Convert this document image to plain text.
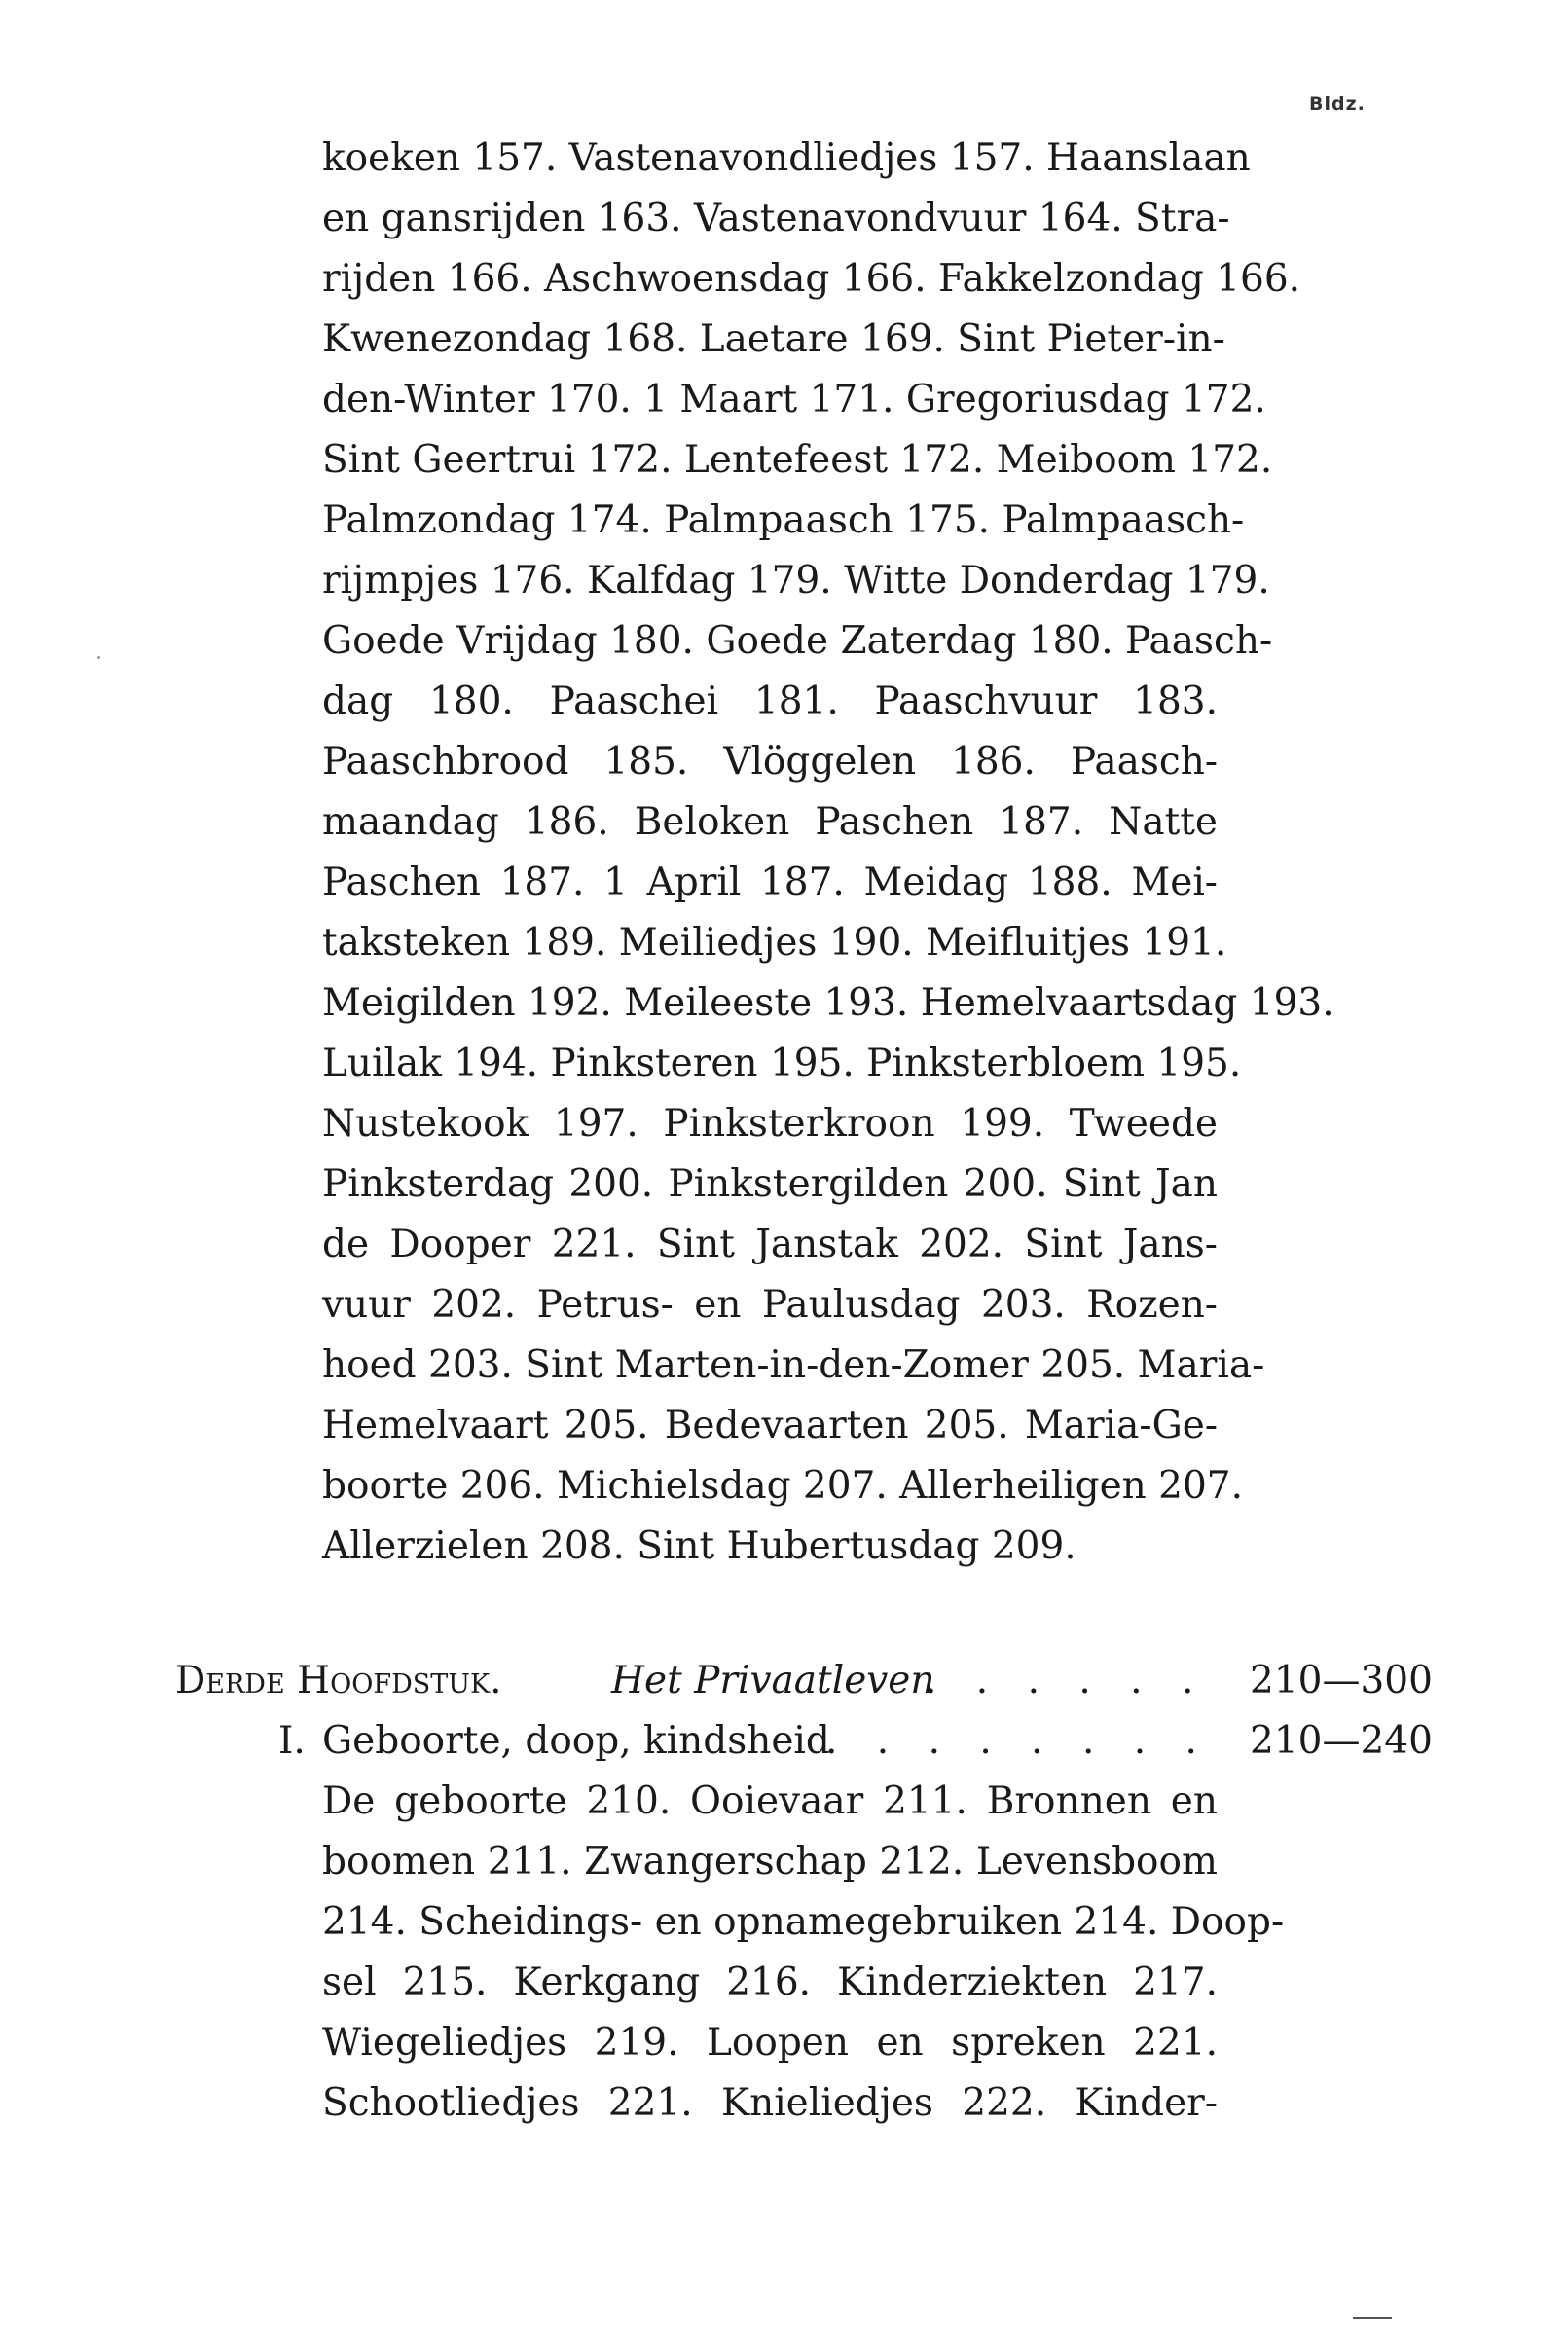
Bldz.
koeken 157. Vastenavondliedjes 157. Haanslaan
en gansrijden 163. Vastenavondvuur 164. Stra-
rijden 166. Aschwoensdag 166. Fakkelzondag 166.
Kwenezondag 168. Laetare 169. Sint Pieter-in-
den-Winter 170. 1 Maart 171. Gregoriusdag 172.
Sint Geertrui 172. Lentefeest 172. Meiboom 172.
Palmzondag 174. Palmpaasch 175. Palmpaasch-
rijmpjes 176. Kalfdag 179. Witte Donderdag 179.
Goede Vrijdag 180. Goede Zaterdag 180. Paasch-
dag 180. Paaschei 181. Paaschvuur 183.
Paaschbrood 185. Vlöggelen 186. Paasch-
maandag 186. Beloken Paschen 187. Natte
Paschen 187. 1 April 187. Meidag 188. Mei-
taksteken 189. Meiliedjes 190. Meifluitjes 191.
Meigilden 192. Meileeste 193. Hemelvaartsdag 193.
Luilak 194. Pinksteren 195. Pinksterbloem 195.
Nustekook 197. Pinksterkroon 199. Tweede
Pinksterdag 200. Pinkstergilden 200. Sint Jan
de Dooper 221. Sint Janstak 202. Sint Jans-
vuur 202. Petrus- en Paulusdag 203. Rozen-
hoed 203. Sint Marten-in-den-Zomer 205. Maria-
Hemelvaart 205. Bedevaarten 205. Maria-Ge-
boorte 206. Michielsdag 207. Allerheiligen 207.
Allerzielen 208. Sint Hubertusdag 209.
Derde Hoofdstuk.	Het Privaatleven
. . . . . . 210—300
I. Geboorte, doop, kindsheid
. . . . . . . . 210—240
De geboorte 210. Ooievaar 211. Bronnen en
boomen 211. Zwangerschap 212. Levensboom
214. Scheidings- en opnamegebruiken 214. Doop-
sel 215. Kerkgang 216. Kinderziekten 217.
Wiegeliedjes 219. Loopen en spreken 221.
Schootliedjes 221. Knieliedjes 222. Kinder-
